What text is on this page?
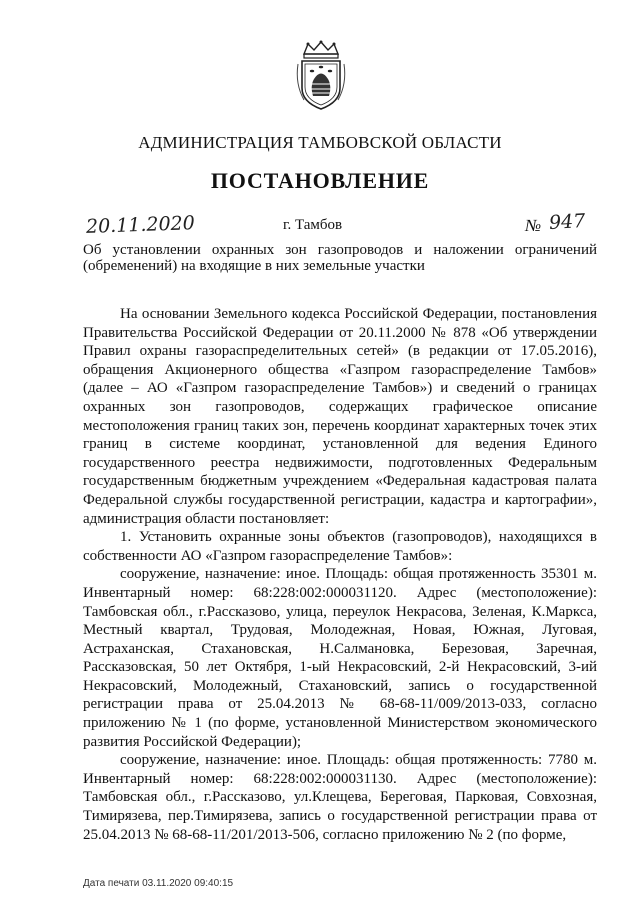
АДМИНИСТРАЦИЯ ТАМБОВСКОЙ ОБЛАСТИ
ПОСТАНОВЛЕНИЕ
20.11.2020	г. Тамбов	№ 947
Об установлении охранных зон газопроводов и наложении ограничений (обременений) на входящие в них земельные участки

На основании Земельного кодекса Российской Федерации, постановления Правительства Российской Федерации от 20.11.2000 № 878 «Об утверждении Правил охраны газораспределительных сетей» (в редакции от 17.05.2016), обращения Акционерного общества «Газпром газораспределение Тамбов» (далее – АО «Газпром газораспределение Тамбов») и сведений о границах охранных зон газопроводов, содержащих графическое описание местоположения границ таких зон, перечень координат характерных точек этих границ в системе координат, установленной для ведения Единого государственного реестра недвижимости, подготовленных Федеральным государственным бюджетным учреждением «Федеральная кадастровая палата Федеральной службы государственной регистрации, кадастра и картографии», администрация области постановляет:

1. Установить охранные зоны объектов (газопроводов), находящихся в собственности АО «Газпром газораспределение Тамбов»:

сооружение, назначение: иное. Площадь: общая протяженность 35301 м. Инвентарный номер: 68:228:002:000031120. Адрес (местоположение): Тамбовская обл., г.Рассказово, улица, переулок Некрасова, Зеленая, К.Маркса, Местный квартал, Трудовая, Молодежная, Новая, Южная, Луговая, Астраханская, Стахановская, Н.Салмановка, Березовая, Заречная, Рассказовская, 50 лет Октября, 1-ый Некрасовский, 2-й Некрасовский, 3-ий Некрасовский, Молодежный, Стахановский, запись о государственной регистрации права от 25.04.2013 № 68-68-11/009/2013-033, согласно приложению № 1 (по форме, установленной Министерством экономического развития Российской Федерации);

сооружение, назначение: иное. Площадь: общая протяженность: 7780 м. Инвентарный номер: 68:228:002:000031130. Адрес (местоположение): Тамбовская обл., г.Рассказово, ул.Клещева, Береговая, Парковая, Совхозная, Тимирязева, пер.Тимирязева, запись о государственной регистрации права от 25.04.2013 № 68-68-11/201/2013-506, согласно приложению № 2 (по форме,

Дата печати 03.11.2020 09:40:15
